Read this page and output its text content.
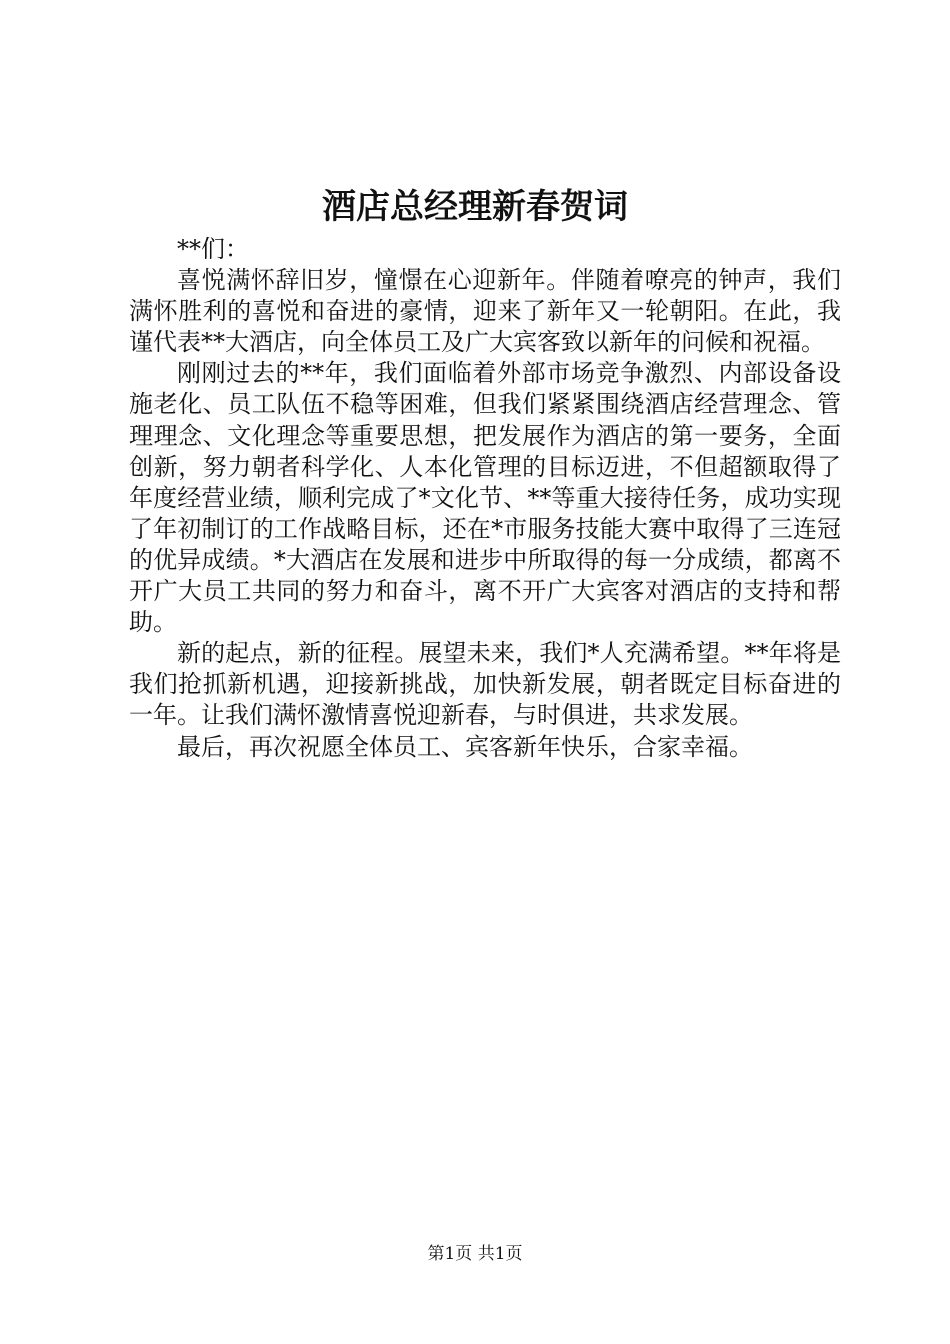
酒店总经理新春贺词

**们：

喜悦满怀辞旧岁，憧憬在心迎新年。伴随着嘹亮的钟声，我们满怀胜利的喜悦和奋进的豪情，迎来了新年又一轮朝阳。在此，我谨代表**大酒店，向全体员工及广大宾客致以新年的问候和祝福。

刚刚过去的**年，我们面临着外部市场竞争激烈、内部设备设施老化、员工队伍不稳等困难，但我们紧紧围绕酒店经营理念、管理理念、文化理念等重要思想，把发展作为酒店的第一要务，全面创新，努力朝者科学化、人本化管理的目标迈进，不但超额取得了年度经营业绩，顺利完成了*文化节、**等重大接待任务，成功实现了年初制订的工作战略目标，还在*市服务技能大赛中取得了三连冠的优异成绩。*大酒店在发展和进步中所取得的每一分成绩，都离不开广大员工共同的努力和奋斗，离不开广大宾客对酒店的支持和帮助。

新的起点，新的征程。展望未来，我们*人充满希望。**年将是我们抢抓新机遇，迎接新挑战，加快新发展，朝者既定目标奋进的一年。让我们满怀激情喜悦迎新春，与时俱进，共求发展。

最后，再次祝愿全体员工、宾客新年快乐，合家幸福。

第1页 共1页
